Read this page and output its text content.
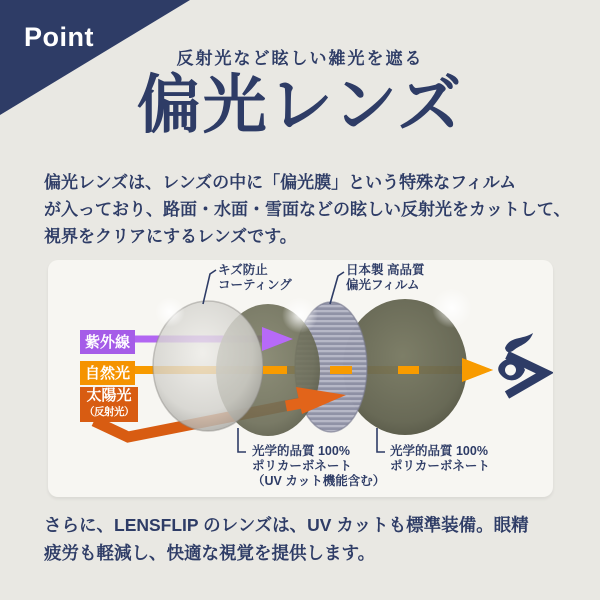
Point
反射光など眩しい雑光を遮る
偏光レンズ
偏光レンズは、レンズの中に「偏光膜」という特殊なフィルム
が入っており、路面・水面・雪面などの眩しい反射光をカットして、
視界をクリアにするレンズです。
紫外線
自然光
太陽光
（反射光）
キズ防止
コーティング
日本製 高品質
偏光フィルム
光学的品質 100%
ポリカーボネート
（UV カット機能含む）
光学的品質 100%
ポリカーボネート
さらに、LENSFLIP のレンズは、UV カットも標準装備。眼精
疲労も軽減し、快適な視覚を提供します。
